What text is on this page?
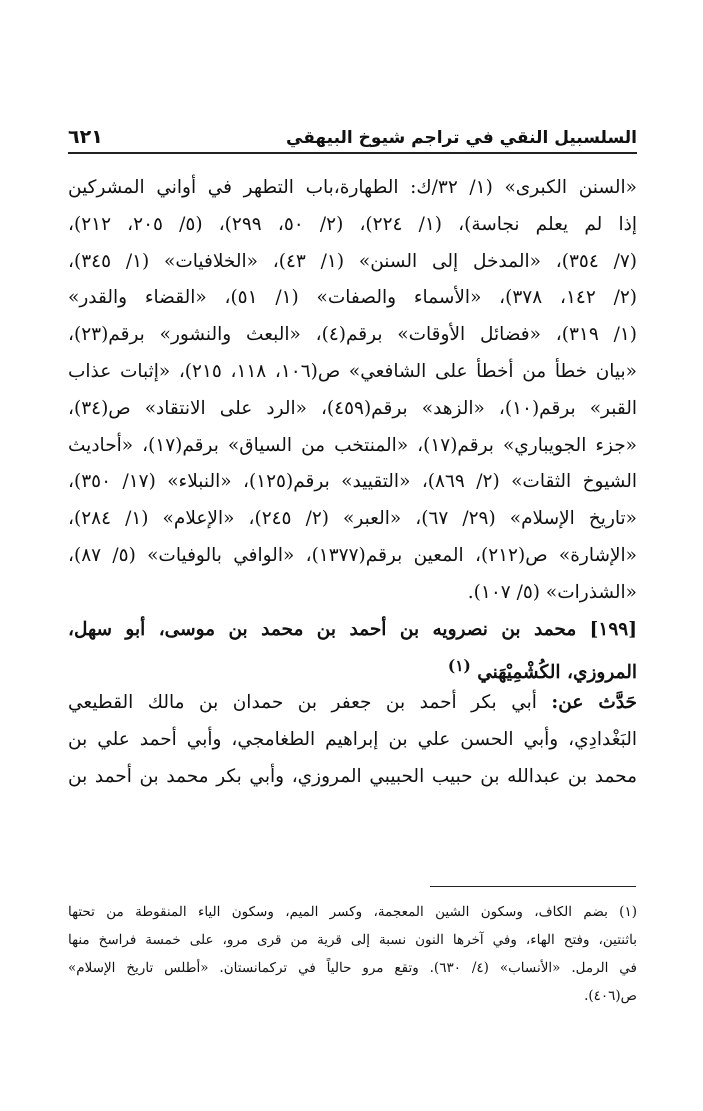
السلسبيل النقي في تراجم شيوخ البيهقي
٦٢١
«السنن الكبرى» (١/ ٣٢/ك: الطهارة،باب التطهر في أواني المشركين
إذا لم يعلم نجاسة)، (١/ ٢٢٤)، (٢/ ٥٠، ٢٩٩)، (٥/ ٢٠٥، ٢١٢)،
(٧/ ٣٥٤)، «المدخل إلى السنن» (١/ ٤٣)، «الخلافيات» (١/ ٣٤٥)،
(٢/ ١٤٢، ٣٧٨)، «الأسماء والصفات» (١/ ٥١)، «القضاء والقدر»
(١/ ٣١٩)، «فضائل الأوقات» برقم(٤)، «البعث والنشور» برقم(٢٣)،
«بيان خطأ من أخطأ على الشافعي» ص(١٠٦، ١١٨، ٢١٥)، «إثبات عذاب
القبر» برقم(١٠)، «الزهد» برقم(٤٥٩)، «الرد على الانتقاد» ص(٣٤)،
«جزء الجويباري» برقم(١٧)، «المنتخب من السياق» برقم(١٧)، «أحاديث
الشيوخ الثقات» (٢/ ٨٦٩)، «التقييد» برقم(١٢٥)، «النبلاء» (١٧/ ٣٥٠)،
«تاريخ الإسلام» (٢٩/ ٦٧)، «العبر» (٢/ ٢٤٥)، «الإعلام» (١/ ٢٨٤)،
«الإشارة» ص(٢١٢)، المعين برقم(١٣٧٧)، «الوافي بالوفيات» (٥/ ٨٧)،
«الشذرات» (٥/ ١٠٧).
[١٩٩] محمد بن نصرويه بن أحمد بن محمد بن موسى، أبو سهل،
المروزي، الكُشْمِيْهَني $^{(١)}$
حَدَّث عن: أبي بكر أحمد بن جعفر بن حمدان بن مالك القطيعي
البَغْدادِي، وأبي الحسن علي بن إبراهيم الطغامجي، وأبي أحمد علي بن
محمد بن عبدالله بن حبيب الحبيبي المروزي، وأبي بكر محمد بن أحمد بن
(١) بضم الكاف، وسكون الشين المعجمة، وكسر الميم، وسكون الياء المنقوطة من تحتها
باثنتين، وفتح الهاء، وفي آخرها النون نسبة إلى قرية من قرى مرو، على خمسة فراسخ منها
في الرمل. «الأنساب» (٤/ ٦٣٠). وتقع مرو حالياً في تركمانستان. «أطلس تاريخ الإسلام»
ص(٤٠٦).
